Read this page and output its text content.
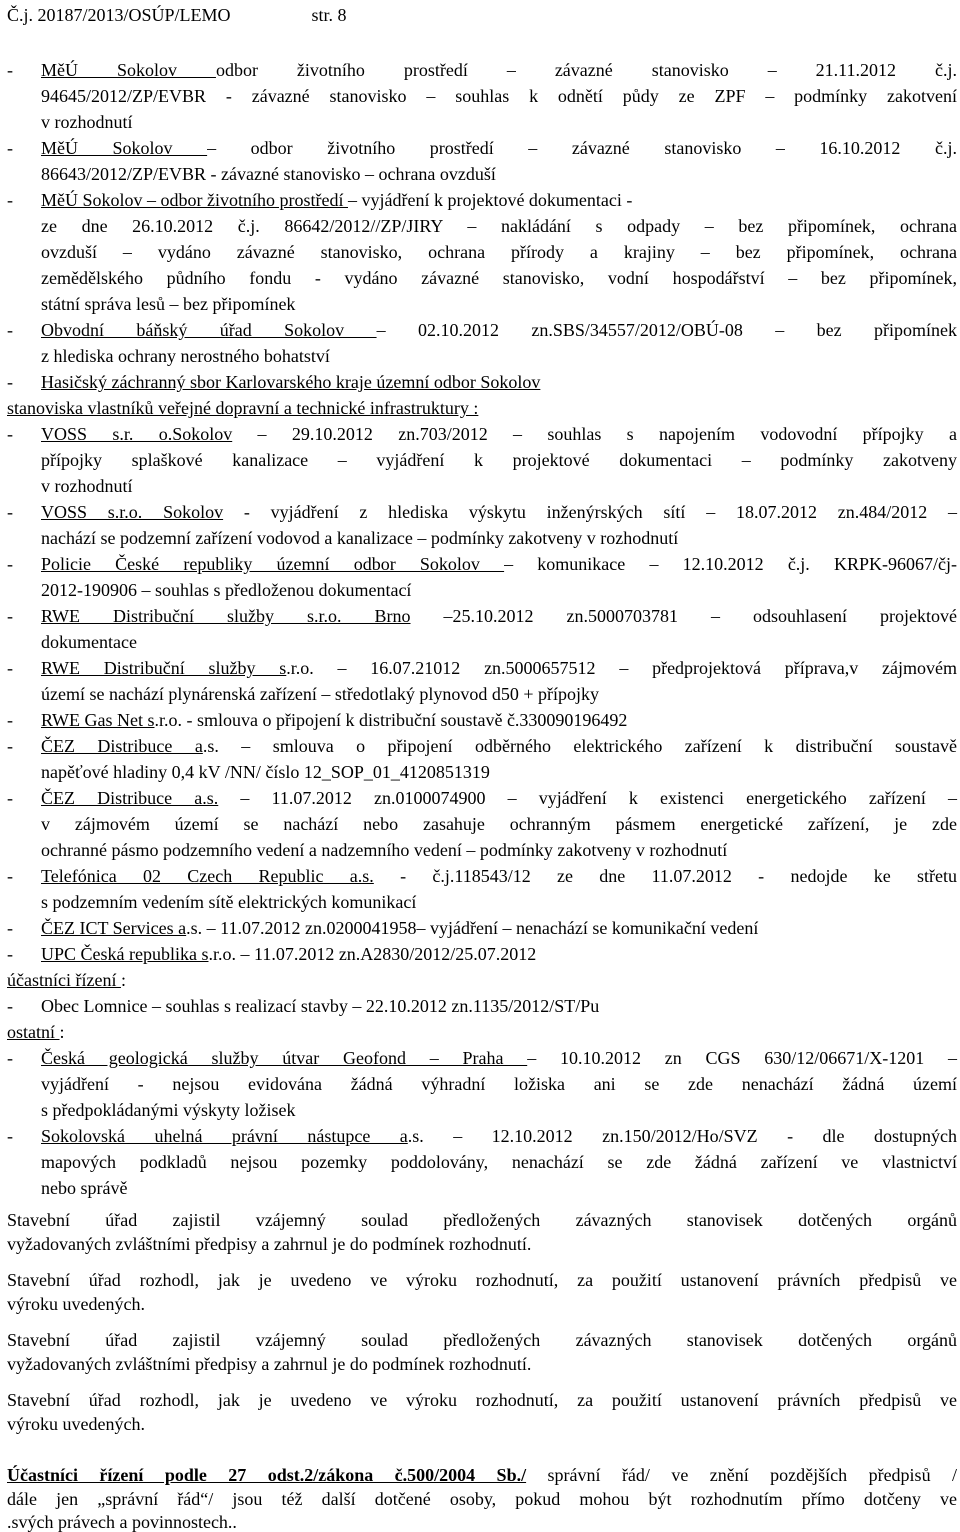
Č.j. 20187/2013/OSÚP/LEMO	str. 8
- MěÚ Sokolov odbor životního prostředí – závazné stanovisko – 21.11.2012 č.j.
94645/2012/ZP/EVBR - závazné stanovisko – souhlas k odnětí půdy ze ZPF – podmínky zakotvení
v rozhodnutí
- MěÚ Sokolov – odbor životního prostředí – závazné stanovisko – 16.10.2012 č.j.
86643/2012/ZP/EVBR - závazné stanovisko – ochrana ovzduší
- MěÚ Sokolov – odbor životního prostředí – vyjádření k projektové dokumentaci -
ze dne 26.10.2012 č.j. 86642/2012//ZP/JIRY – nakládání s odpady – bez připomínek, ochrana
ovzduší – vydáno závazné stanovisko, ochrana přírody a krajiny – bez připomínek, ochrana
zemědělského půdního fondu - vydáno závazné stanovisko, vodní hospodářství – bez připomínek,
státní správa lesů – bez připomínek
- Obvodní báňský úřad Sokolov – 02.10.2012 zn.SBS/34557/2012/OBÚ-08 – bez připomínek
z hlediska ochrany nerostného bohatství
- Hasičský záchranný sbor Karlovarského kraje územní odbor Sokolov
stanoviska vlastníků veřejné dopravní a technické infrastruktury :
- VOSS s.r. o.Sokolov – 29.10.2012 zn.703/2012 – souhlas s napojením vodovodní přípojky a
přípojky splaškové kanalizace – vyjádření k projektové dokumentaci – podmínky zakotveny
v rozhodnutí
- VOSS s.r.o. Sokolov - vyjádření z hlediska výskytu inženýrských sítí – 18.07.2012 zn.484/2012 –
nachází se podzemní zařízení vodovod a kanalizace – podmínky zakotveny v rozhodnutí
- Policie České republiky územní odbor Sokolov – komunikace – 12.10.2012 č.j. KRPK-96067/čj-
2012-190906 – souhlas s předloženou dokumentací
- RWE Distribuční služby s.r.o. Brno –25.10.2012 zn.5000703781 – odsouhlasení projektové
dokumentace
- RWE Distribuční služby s.r.o. – 16.07.21012 zn.5000657512 – předprojektová příprava,v zájmovém
území se nachází plynárenská zařízení – středotlaký plynovod d50 + přípojky
- RWE Gas Net s.r.o. - smlouva o připojení k distribuční soustavě č.330090196492
- ČEZ Distribuce a.s. – smlouva o připojení odběrného elektrického zařízení k distribuční soustavě
napěťové hladiny 0,4 kV /NN/ číslo 12_SOP_01_4120851319
- ČEZ Distribuce a.s. – 11.07.2012 zn.0100074900 – vyjádření k existenci energetického zařízení –
v zájmovém území se nachází nebo zasahuje ochranným pásmem energetické zařízení, je zde
ochranné pásmo podzemního vedení a nadzemního vedení – podmínky zakotveny v rozhodnutí
- Telefónica 02 Czech Republic a.s. - č.j.118543/12 ze dne 11.07.2012 - nedojde ke střetu
s podzemním vedením sítě elektrických komunikací
- ČEZ ICT Services a.s. – 11.07.2012 zn.0200041958– vyjádření – nenachází se komunikační vedení
- UPC Česká republika s.r.o. – 11.07.2012 zn.A2830/2012/25.07.2012
účastníci řízení :
- Obec Lomnice – souhlas s realizací stavby – 22.10.2012 zn.1135/2012/ST/Pu
ostatní :
- Česká geologická služby útvar Geofond – Praha – 10.10.2012 zn CGS 630/12/06671/X-1201 –
vyjádření - nejsou evidována žádná výhradní ložiska ani se zde nenachází žádná území
s předpokládanými výskyty ložisek
- Sokolovská uhelná právní nástupce a.s. – 12.10.2012 zn.150/2012/Ho/SVZ - dle dostupných
mapových podkladů nejsou pozemky poddolovány, nenachází se zde žádná zařízení ve vlastnictví
nebo správě
Stavební úřad zajistil vzájemný soulad předložených závazných stanovisek dotčených orgánů
vyžadovaných zvláštními předpisy a zahrnul je do podmínek rozhodnutí.
Stavební úřad rozhodl, jak je uvedeno ve výroku rozhodnutí, za použití ustanovení právních předpisů ve
výroku uvedených.
Stavební úřad zajistil vzájemný soulad předložených závazných stanovisek dotčených orgánů
vyžadovaných zvláštními předpisy a zahrnul je do podmínek rozhodnutí.
Stavební úřad rozhodl, jak je uvedeno ve výroku rozhodnutí, za použití ustanovení právních předpisů ve
výroku uvedených.
Účastníci řízení podle 27 odst.2/zákona č.500/2004 Sb./ správní řád/ ve znění pozdějších předpisů /
dále jen „správní řád“/ jsou též další dotčené osoby, pokud mohou být rozhodnutím přímo dotčeny ve
.svých právech a povinnostech..
